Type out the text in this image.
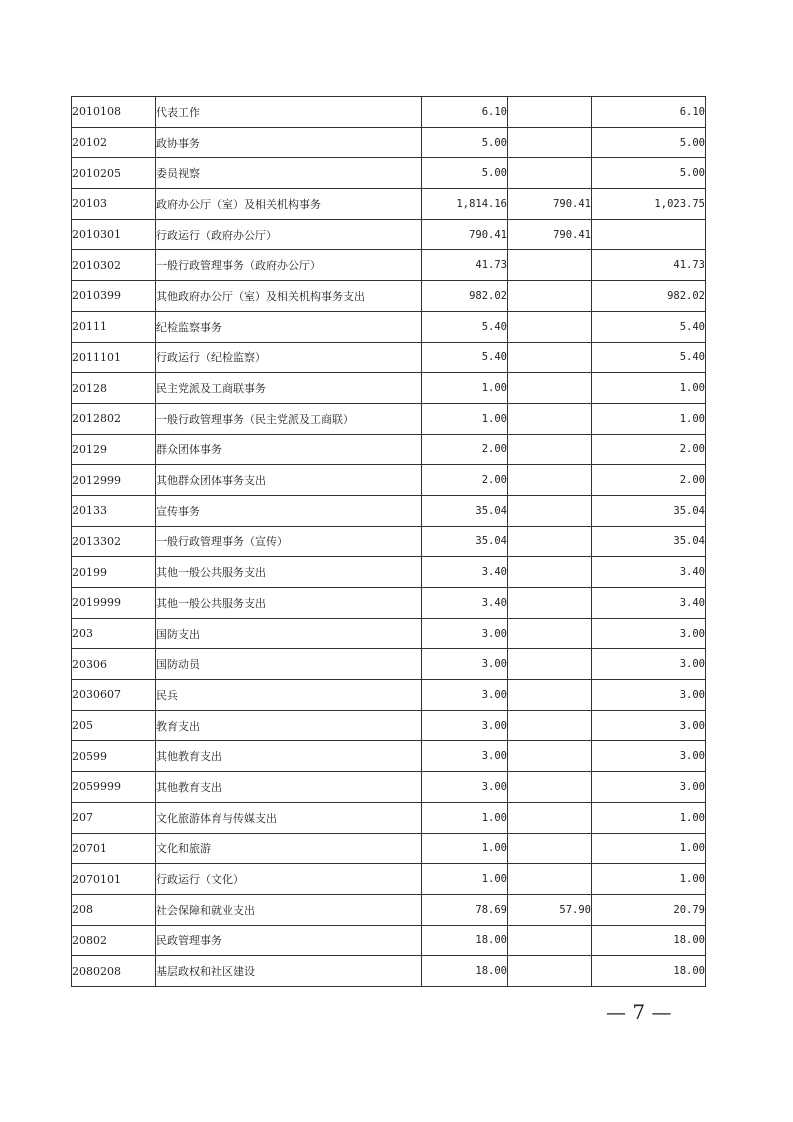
2010108	代表工作	6.10		6.10
20102	政协事务	5.00		5.00
2010205	委员视察	5.00		5.00
20103	政府办公厅（室）及相关机构事务	1,814.16	790.41	1,023.75
2010301	行政运行（政府办公厅）	790.41	790.41	
2010302	一般行政管理事务（政府办公厅）	41.73		41.73
2010399	其他政府办公厅（室）及相关机构事务支出	982.02		982.02
20111	纪检监察事务	5.40		5.40
2011101	行政运行（纪检监察）	5.40		5.40
20128	民主党派及工商联事务	1.00		1.00
2012802	一般行政管理事务（民主党派及工商联）	1.00		1.00
20129	群众团体事务	2.00		2.00
2012999	其他群众团体事务支出	2.00		2.00
20133	宣传事务	35.04		35.04
2013302	一般行政管理事务（宣传）	35.04		35.04
20199	其他一般公共服务支出	3.40		3.40
2019999	其他一般公共服务支出	3.40		3.40
203	国防支出	3.00		3.00
20306	国防动员	3.00		3.00
2030607	民兵	3.00		3.00
205	教育支出	3.00		3.00
20599	其他教育支出	3.00		3.00
2059999	其他教育支出	3.00		3.00
207	文化旅游体育与传媒支出	1.00		1.00
20701	文化和旅游	1.00		1.00
2070101	行政运行（文化）	1.00		1.00
208	社会保障和就业支出	78.69	57.90	20.79
20802	民政管理事务	18.00		18.00
2080208	基层政权和社区建设	18.00		18.00
— 7 —
